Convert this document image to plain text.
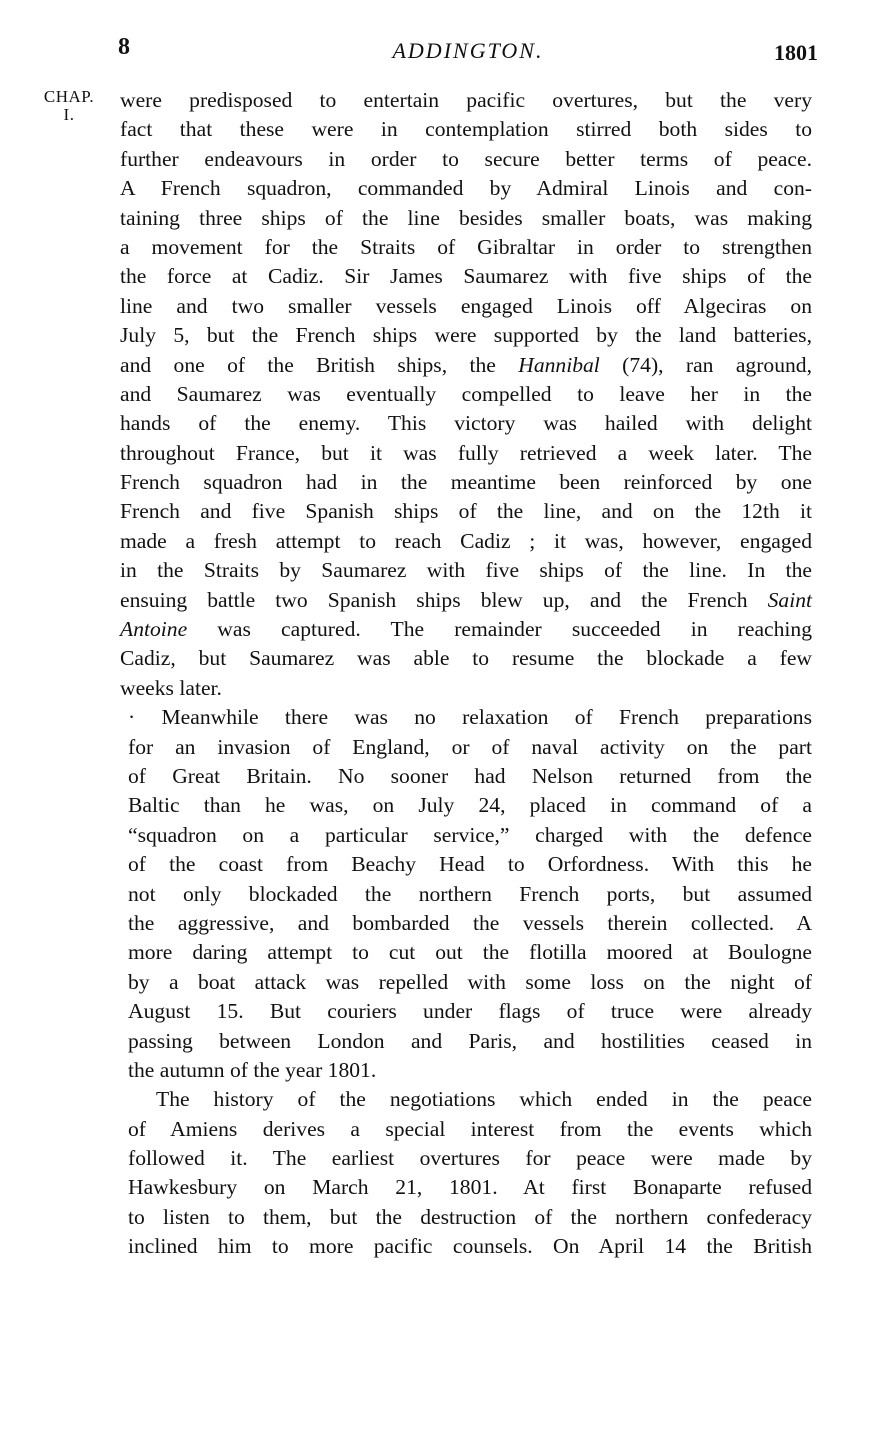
8	ADDINGTON.	1801
CHAP.
I.
were predisposed to entertain pacific overtures, but the very
fact that these were in contemplation stirred both sides to
further endeavours in order to secure better terms of peace.
A French squadron, commanded by Admiral Linois and con-
taining three ships of the line besides smaller boats, was making
a movement for the Straits of Gibraltar in order to strengthen
the force at Cadiz. Sir James Saumarez with five ships of the
line and two smaller vessels engaged Linois off Algeciras on
July 5, but the French ships were supported by the land batteries,
and one of the British ships, the Hannibal (74), ran aground,
and Saumarez was eventually compelled to leave her in the
hands of the enemy. This victory was hailed with delight
throughout France, but it was fully retrieved a week later. The
French squadron had in the meantime been reinforced by one
French and five Spanish ships of the line, and on the 12th it
made a fresh attempt to reach Cadiz ; it was, however, engaged
in the Straits by Saumarez with five ships of the line. In the
ensuing battle two Spanish ships blew up, and the French Saint
Antoine was captured. The remainder succeeded in reaching
Cadiz, but Saumarez was able to resume the blockade a few
weeks later.
· Meanwhile there was no relaxation of French preparations
for an invasion of England, or of naval activity on the part
of Great Britain. No sooner had Nelson returned from the
Baltic than he was, on July 24, placed in command of a
“squadron on a particular service,” charged with the defence
of the coast from Beachy Head to Orfordness. With this he
not only blockaded the northern French ports, but assumed
the aggressive, and bombarded the vessels therein collected. A
more daring attempt to cut out the flotilla moored at Boulogne
by a boat attack was repelled with some loss on the night of
August 15. But couriers under flags of truce were already
passing between London and Paris, and hostilities ceased in
the autumn of the year 1801.
The history of the negotiations which ended in the peace
of Amiens derives a special interest from the events which
followed it. The earliest overtures for peace were made by
Hawkesbury on March 21, 1801. At first Bonaparte refused
to listen to them, but the destruction of the northern confederacy
inclined him to more pacific counsels. On April 14 the British
